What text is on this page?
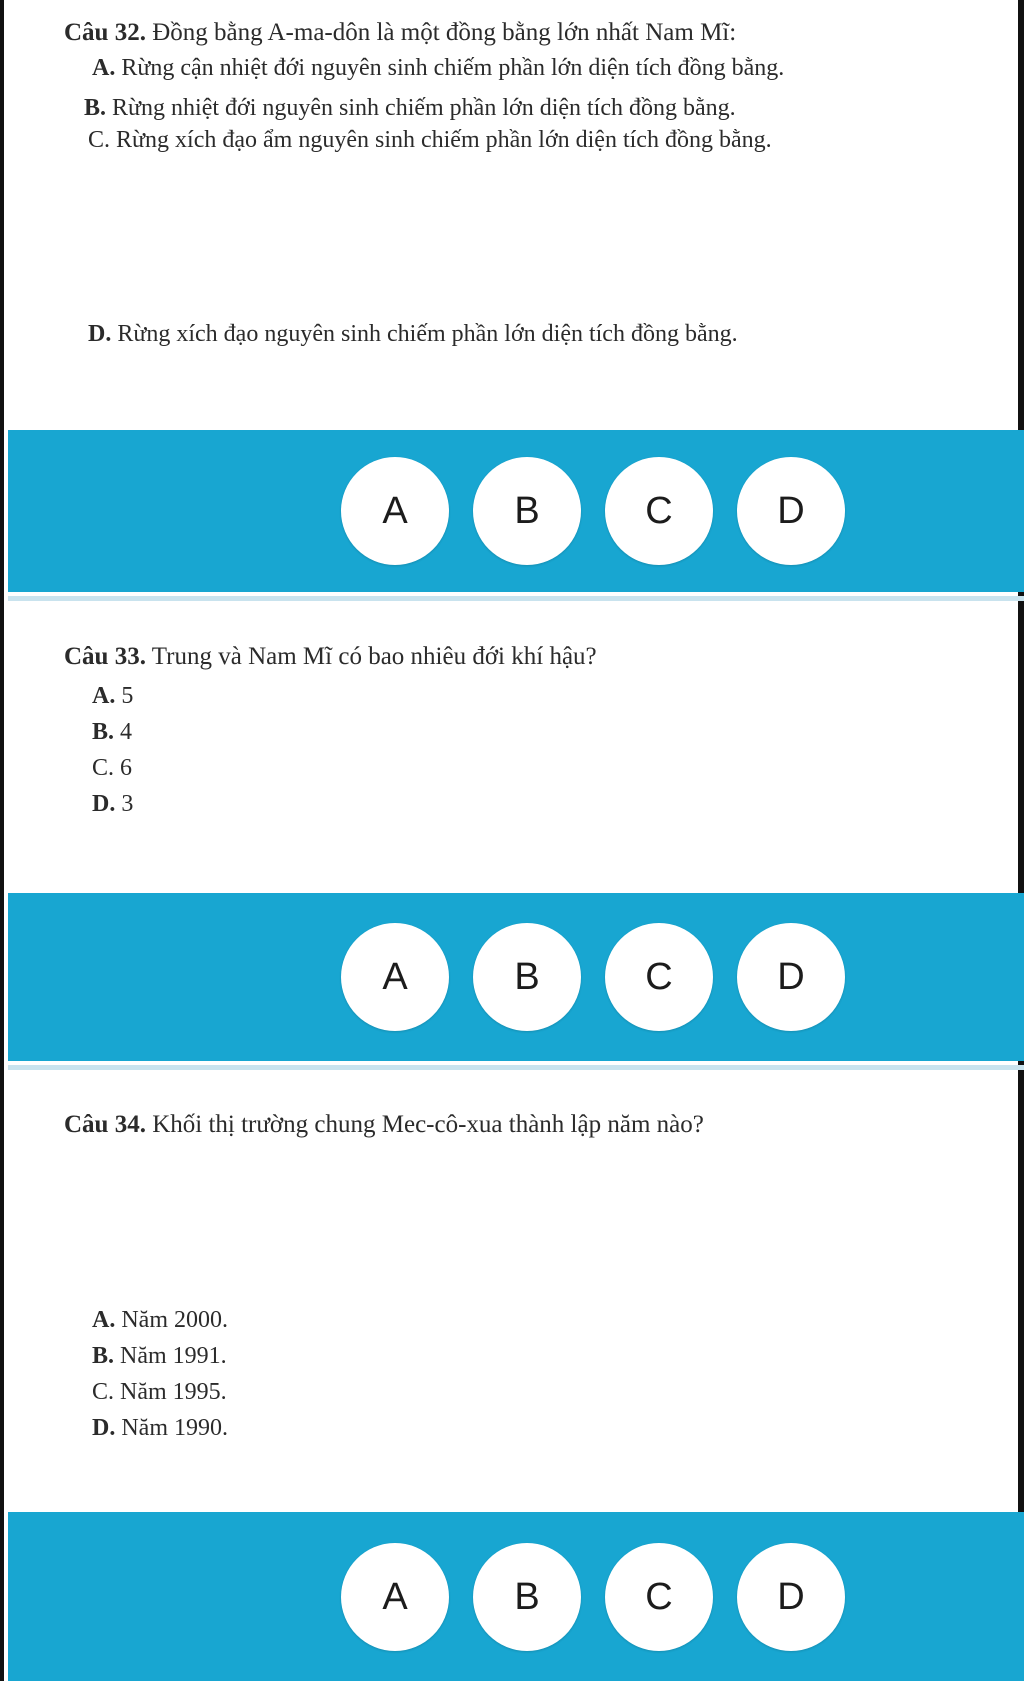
Câu 32. Đồng bằng A-ma-dôn là một đồng bằng lớn nhất Nam Mĩ:
A. Rừng cận nhiệt đới nguyên sinh chiếm phần lớn diện tích đồng bằng.
B. Rừng nhiệt đới nguyên sinh chiếm phần lớn diện tích đồng bằng.
C. Rừng xích đạo ẩm nguyên sinh chiếm phần lớn diện tích đồng bằng.
D. Rừng xích đạo nguyên sinh chiếm phần lớn diện tích đồng bằng.
A	B	C	D
Câu 33. Trung và Nam Mĩ có bao nhiêu đới khí hậu?
A. 5
B. 4
C. 6
D. 3
A	B	C	D
Câu 34. Khối thị trường chung Mec-cô-xua thành lập năm nào?
A. Năm 2000.
B. Năm 1991.
C. Năm 1995.
D. Năm 1990.
A	B	C	D
